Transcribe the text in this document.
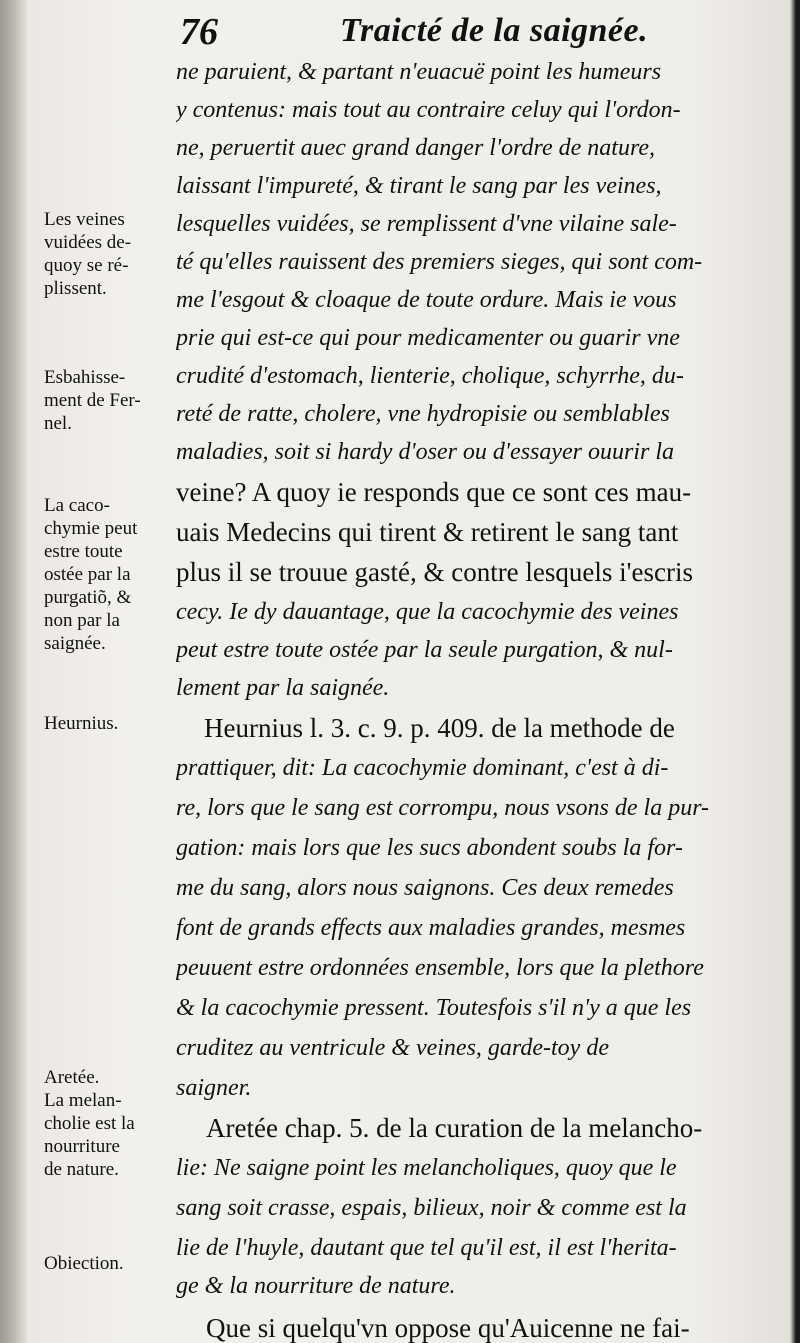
76	Traicté de la saignée.
ne paruient, & partant n'euacuë point les humeurs
y contenus: mais tout au contraire celuy qui l'ordon-
ne, peruertit auec grand danger l'ordre de nature,
laissant l'impureté, & tirant le sang par les veines,
lesquelles vuidées, se remplissent d'vne vilaine sale-
té qu'elles rauissent des premiers sieges, qui sont com-
me l'esgout & cloaque de toute ordure. Mais ie vous
prie qui est-ce qui pour medicamenter ou guarir vne
crudité d'estomach, lienterie, cholique, schyrrhe, du-
reté de ratte, cholere, vne hydropisie ou semblables
maladies, soit si hardy d'oser ou d'essayer ouurir la
veine? A quoy ie responds que ce sont ces mau-
uais Medecins qui tirent & retirent le sang tant
plus il se trouue gasté, & contre lesquels i'escris
cecy. Ie dy dauantage, que la cacochymie des veines
peut estre toute ostée par la seule purgation, & nul-
lement par la saignée.
Heurnius l. 3. c. 9. p. 409. de la methode de
prattiquer, dit: La cacochymie dominant, c'est à di-
re, lors que le sang est corrompu, nous vsons de la pur-
gation: mais lors que les sucs abondent soubs la for-
me du sang, alors nous saignons. Ces deux remedes
font de grands effects aux maladies grandes, mesmes
peuuent estre ordonnées ensemble, lors que la plethore
& la cacochymie pressent. Toutesfois s'il n'y a que les
cruditez au ventricule & veines, garde-toy de
saigner.
Aretée chap. 5. de la curation de la melancho-
lie: Ne saigne point les melancholiques, quoy que le
sang soit crasse, espais, bilieux, noir & comme est la
lie de l'huyle, dautant que tel qu'il est, il est l'herita-
ge & la nourriture de nature.
Que si quelqu'vn oppose qu'Auicenne ne fai-
Les veines
vuidées de-
quoy se ré-
plissent.
Esbahisse-
ment de Fer-
nel.
La caco-
chymie peut
estre toute
ostée par la
purgatiõ, &
non par la
saignée.
Heurnius.
Aretée.
La melan-
cholie est la
nourriture
de nature.
Obiection.
